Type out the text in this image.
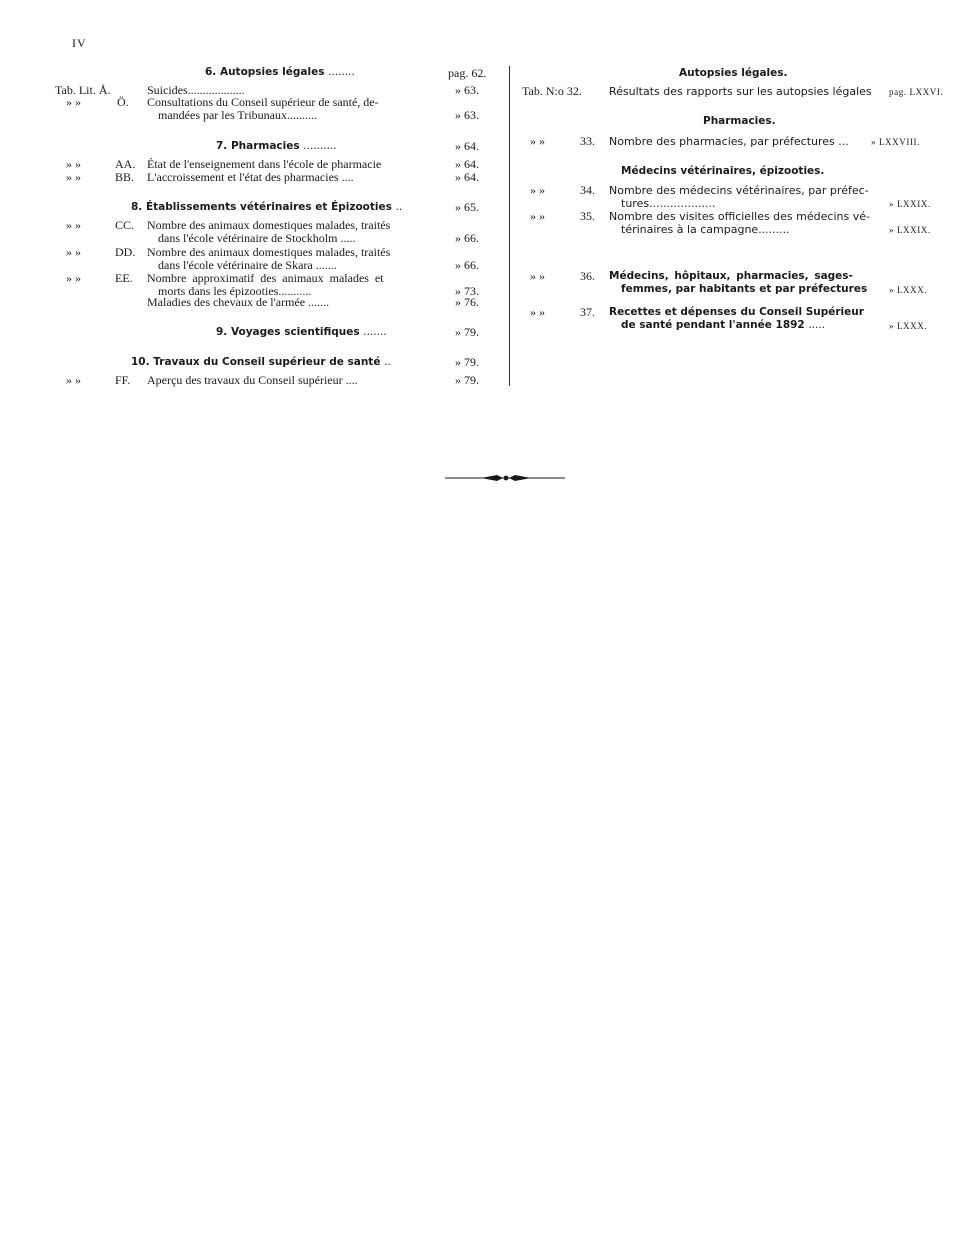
IV
6. Autopsies légales ........	pag. 62.
Tab. Lit. Å.	Suicides...................	» 63.
» »	Ö. Consultations du Conseil supérieur de santé, de-
mandées par les Tribunaux..........	» 63.
7. Pharmacies ..........	» 64.
» »	AA. État de l'enseignement dans l'école de pharmacie	» 64.
» »	BB. L'accroissement et l'état des pharmacies ....	» 64.
8. Établissements vétérinaires et Épizooties ..	» 65.
» »	CC. Nombre des animaux domestiques malades, traités
dans l'école vétérinaire de Stockholm .....	» 66.
» »	DD. Nombre des animaux domestiques malades, traités
dans l'école vétérinaire de Skara .......	» 66.
» »	EE. Nombre approximatif des animaux malades et
morts dans les épizooties...........	» 73.
Maladies des chevaux de l'armée .......	» 76.
9. Voyages scientifiques .......	» 79.
10. Travaux du Conseil supérieur de santé ..	» 79.
» »	FF. Aperçu des travaux du Conseil supérieur ....	» 79.
Autopsies légales.
Tab. N:o 32. Résultats des rapports sur les autopsies légales pag. LXXVI.
Pharmacies.
» »	33. Nombre des pharmacies, par préfectures ... » LXXVIII.
Médecins vétérinaires, épizooties.
» »	34. Nombre des médecins vétérinaires, par préfec-
tures...................	» LXXIX.
» »	35. Nombre des visites officielles des médecins vé-
térinaires à la campagne.........	» LXXIX.
» »	36. Médecins, hôpitaux, pharmacies, sages-
femmes, par habitants et par préfectures » LXXX.
» »	37. Recettes et dépenses du Conseil Supérieur
de santé pendant l'année 1892 .....	» LXXX.
